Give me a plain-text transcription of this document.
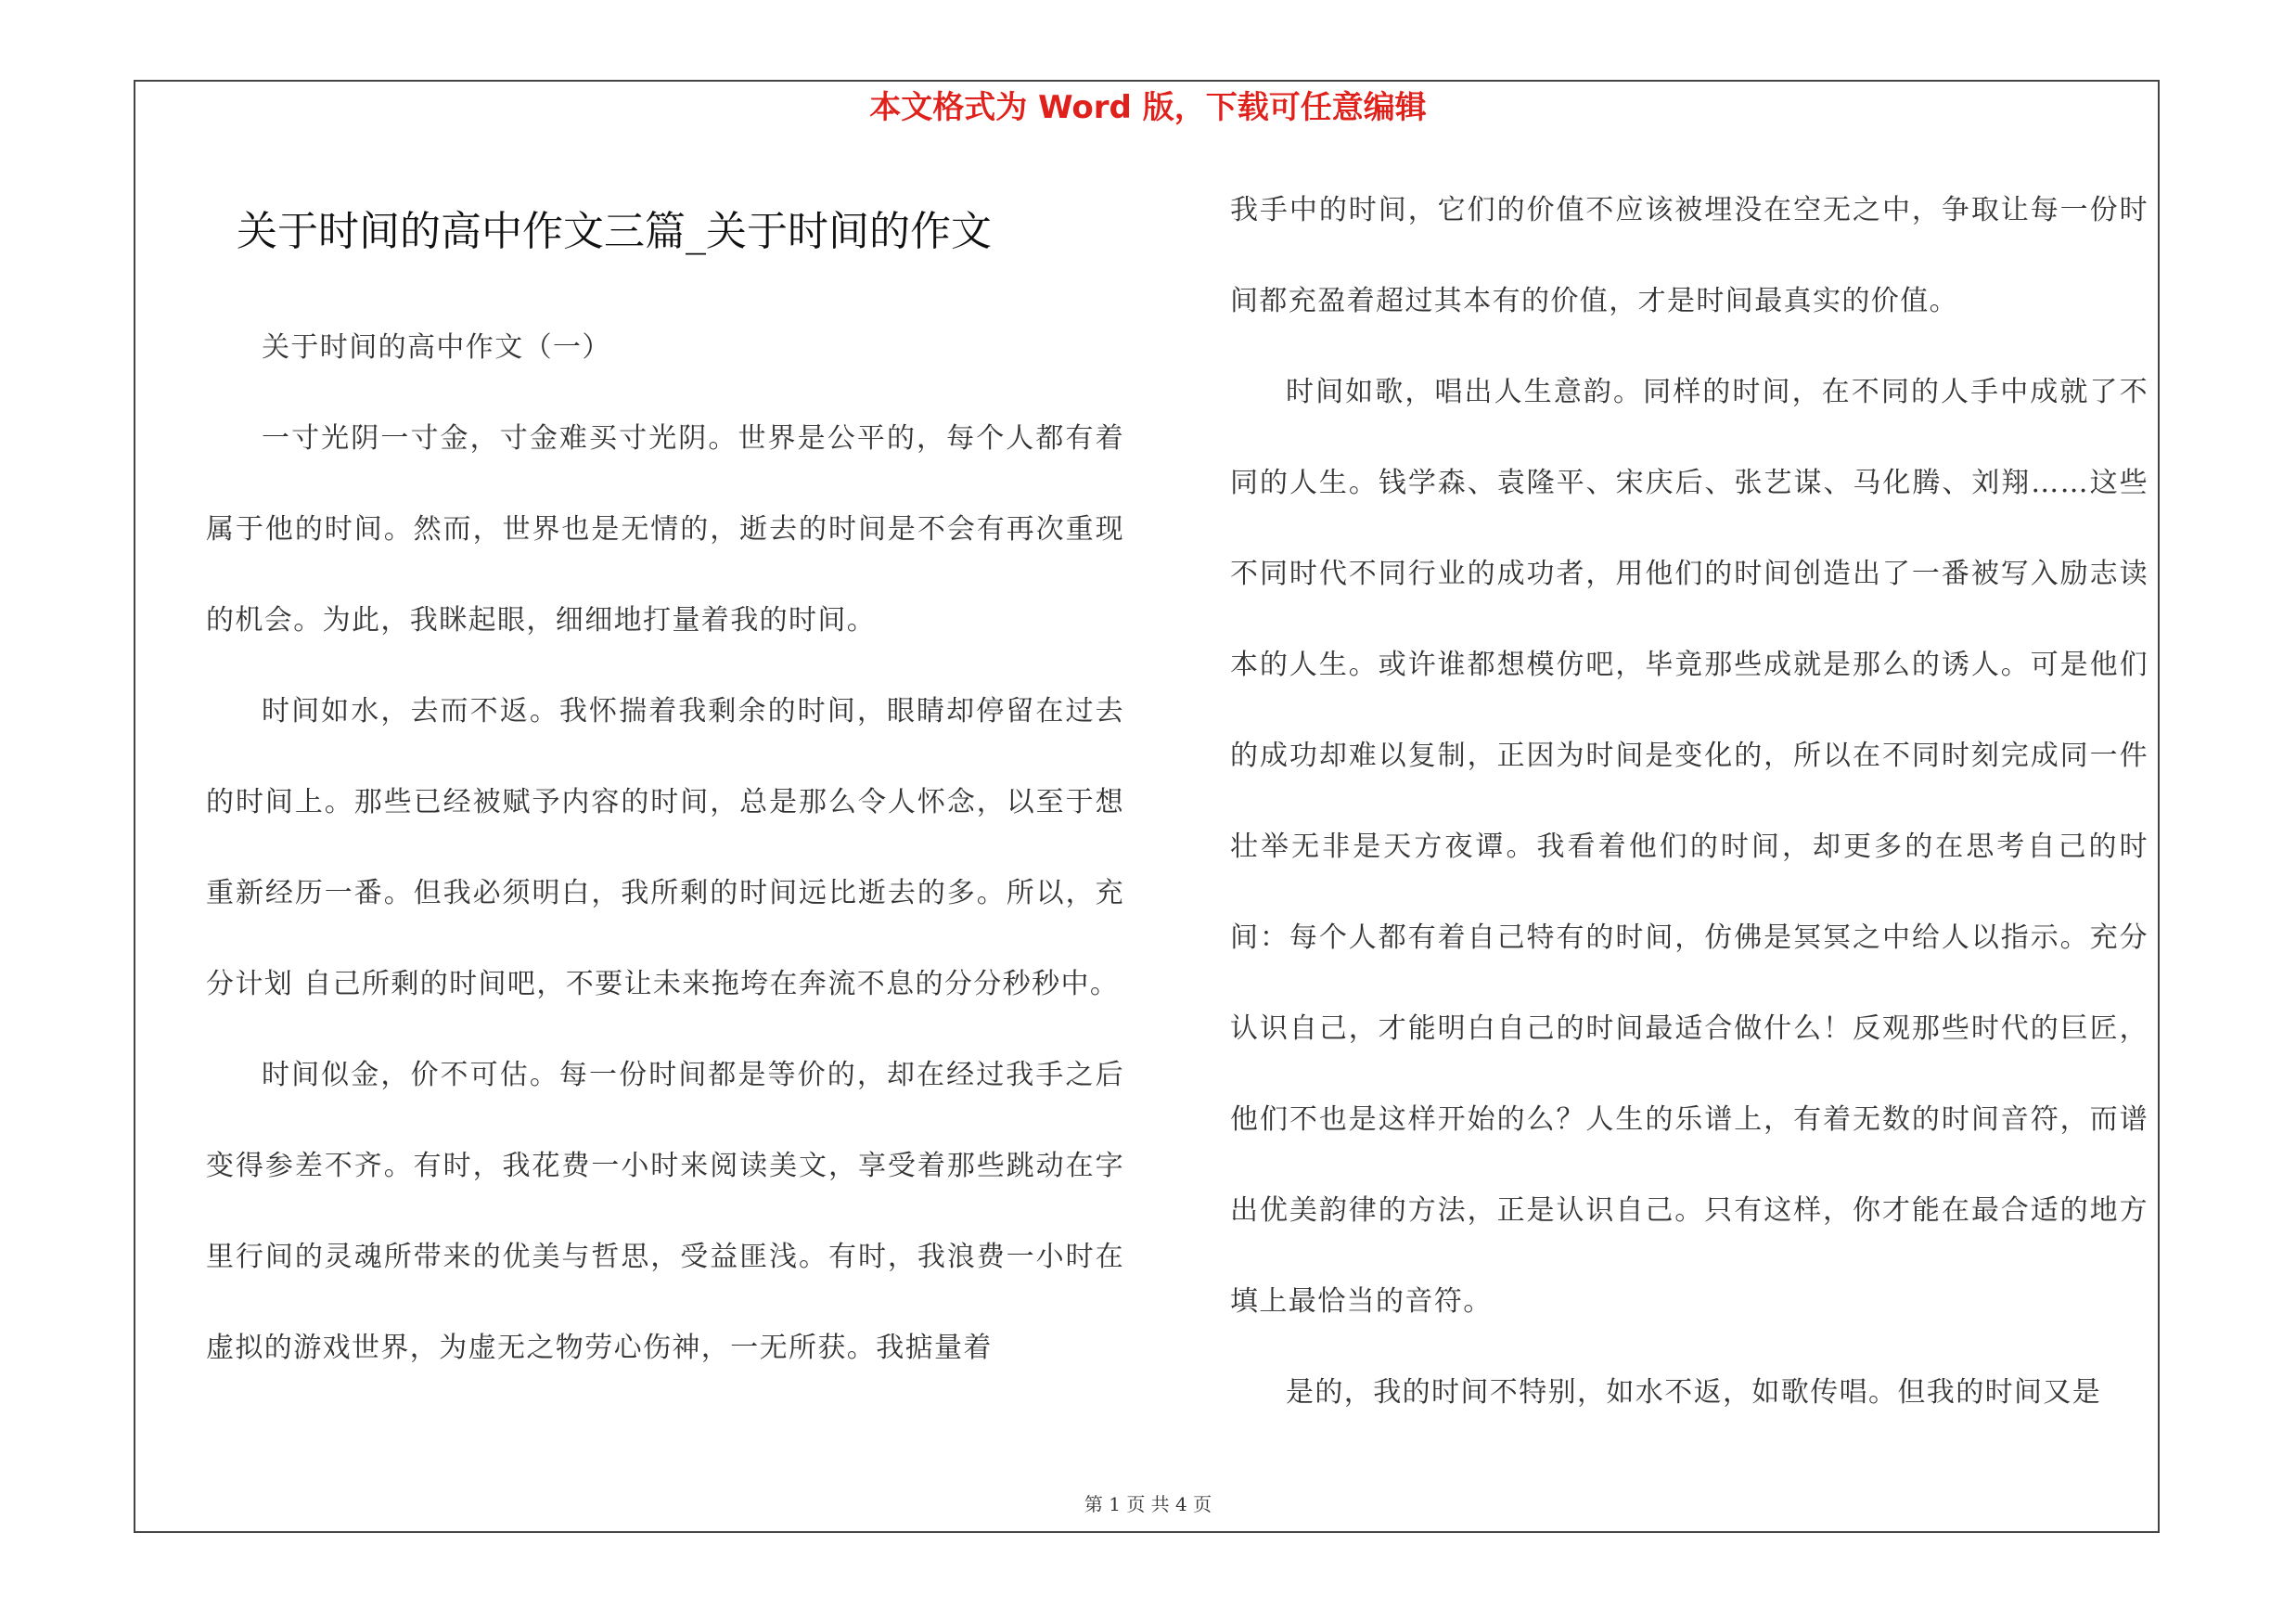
本文格式为 Word 版，下载可任意编辑
关于时间的高中作文三篇_关于时间的作文

关于时间的高中作文（一）

一寸光阴一寸金，寸金难买寸光阴。世界是公平的，每个人都有着属于他的时间。然而，世界也是无情的，逝去的时间是不会有再次重现的机会。为此，我眯起眼，细细地打量着我的时间。

时间如水，去而不返。我怀揣着我剩余的时间，眼睛却停留在过去的时间上。那些已经被赋予内容的时间，总是那么令人怀念，以至于想重新经历一番。但我必须明白，我所剩的时间远比逝去的多。所以，充分计划 自己所剩的时间吧，不要让未来拖垮在奔流不息的分分秒秒中。

时间似金，价不可估。每一份时间都是等价的，却在经过我手之后变得参差不齐。有时，我花费一小时来阅读美文，享受着那些跳动在字里行间的灵魂所带来的优美与哲思，受益匪浅。有时，我浪费一小时在虚拟的游戏世界，为虚无之物劳心伤神，一无所获。我掂量着

我手中的时间，它们的价值不应该被埋没在空无之中，争取让每一份时间都充盈着超过其本有的价值，才是时间最真实的价值。

时间如歌，唱出人生意韵。同样的时间，在不同的人手中成就了不同的人生。钱学森、袁隆平、宋庆后、张艺谋、马化腾、刘翔……这些不同时代不同行业的成功者，用他们的时间创造出了一番被写入励志读本的人生。或许谁都想模仿吧，毕竟那些成就是那么的诱人。可是他们的成功却难以复制，正因为时间是变化的，所以在不同时刻完成同一件壮举无非是天方夜谭。我看着他们的时间，却更多的在思考自己的时间：每个人都有着自己特有的时间，仿佛是冥冥之中给人以指示。充分认识自己，才能明白自己的时间最适合做什么！反观那些时代的巨匠，他们不也是这样开始的么？人生的乐谱上，有着无数的时间音符，而谱出优美韵律的方法，正是认识自己。只有这样，你才能在最合适的地方填上最恰当的音符。

是的，我的时间不特别，如水不返，如歌传唱。但我的时间又是

第 1 页 共 4 页
